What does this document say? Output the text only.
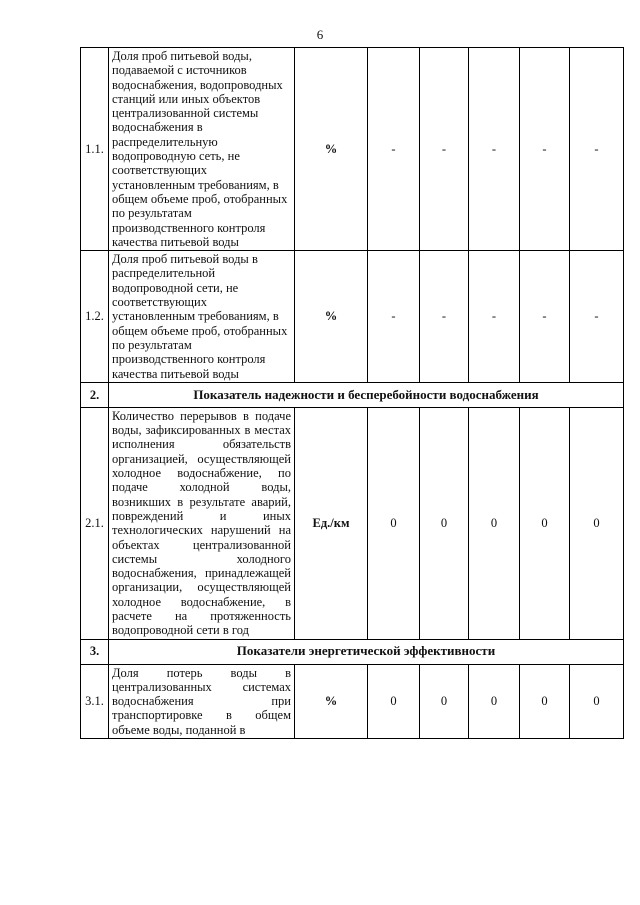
6
1.1.	Доля проб питьевой воды, подаваемой с источников водоснабжения, водопроводных станций или иных объектов централизованной системы водоснабжения в распределительную водопроводную сеть, не соответствующих установленным требованиям, в общем объеме проб, отобранных по результатам производственного контроля качества питьевой воды	%	-	-	-	-	-
1.2.	Доля проб питьевой воды в распределительной водопроводной сети, не соответствующих установленным требованиям, в общем объеме проб, отобранных по результатам производственного контроля качества питьевой воды	%	-	-	-	-	-
2.	Показатель надежности и бесперебойности водоснабжения						
2.1.	Количество перерывов в подаче воды, зафиксированных в местах исполнения обязательств организацией, осуществляющей холодное водоснабжение, по подаче холодной воды, возникших в результате аварий, повреждений и иных технологических нарушений на объектах централизованной системы холодного водоснабжения, принадлежащей организации, осуществляющей холодное водоснабжение, в расчете на протяженность водопроводной сети в год	Ед./км	0	0	0	0	0
3.	Показатели энергетической эффективности						
3.1.	Доля потерь воды в централизованных системах водоснабжения при транспортировке в общем объеме воды, поданной в	%	0	0	0	0	0
